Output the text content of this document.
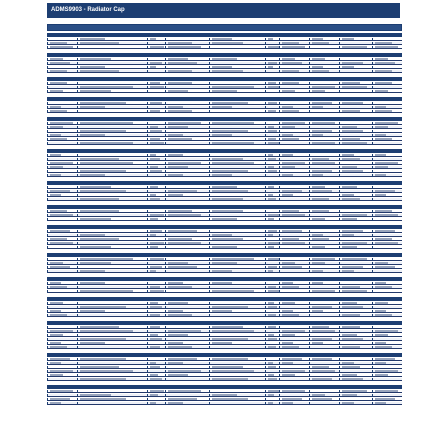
ADMS9903 - Radiator Cap
